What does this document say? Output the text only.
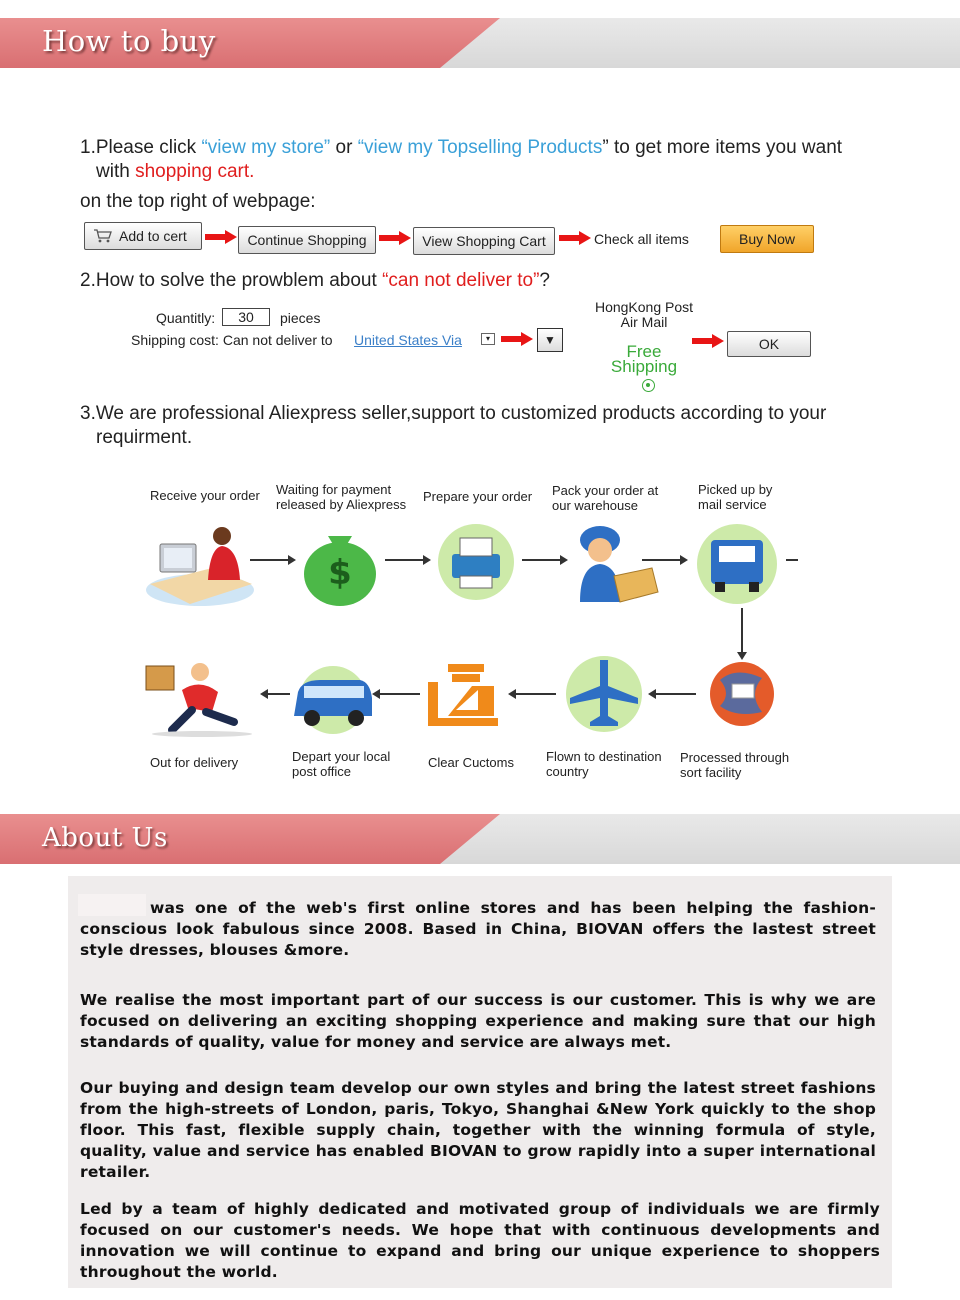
How to buy
1.Please click “view my store” or “view my Topselling Products” to get more items you want
with shopping cart.
on the top right of webpage:
Add to cert	Continue Shopping	View Shopping Cart	Check all items	Buy Now
2.How to solve the prowblem about “can not deliver to”?
Quantitly:	30	pieces
Shipping cost: Can not deliver to	United States Via	▾	▼
HongKong Post
Air Mail
Free
Shipping
OK
3.We are professional Aliexpress seller,support to customized products according to your
requirment.
Receive your order	Waiting for payment released by Aliexpress
Prepare your order	Pack your order at our warehouse
Picked up by mail service
$
Out for delivery	Depart your local post office
Clear Cuctoms	Flown to destination country
Processed through sort facility
About Us
was one of the web's first online stores and has been helping the fashion-conscious look fabulous since 2008. Based in China, BIOVAN offers the lastest street style dresses, blouses &more.
We realise the most important part of our success is our customer. This is why we are focused on delivering an exciting shopping experience and making sure that our high standards of quality, value for money and service are always met.
Our buying and design team develop our own styles and bring the latest street fashions from the high-streets of London, paris, Tokyo, Shanghai &New York quickly to the shop floor. This fast, flexible supply chain, together with the winning formula of style, quality, value and service has enabled BIOVAN to grow rapidly into a super international retailer.
Led by a team of highly dedicated and motivated group of individuals we are firmly focused on our customer's needs. We hope that with continuous developments and innovation we will continue to expand and bring our unique experience to shoppers throughout the world.
